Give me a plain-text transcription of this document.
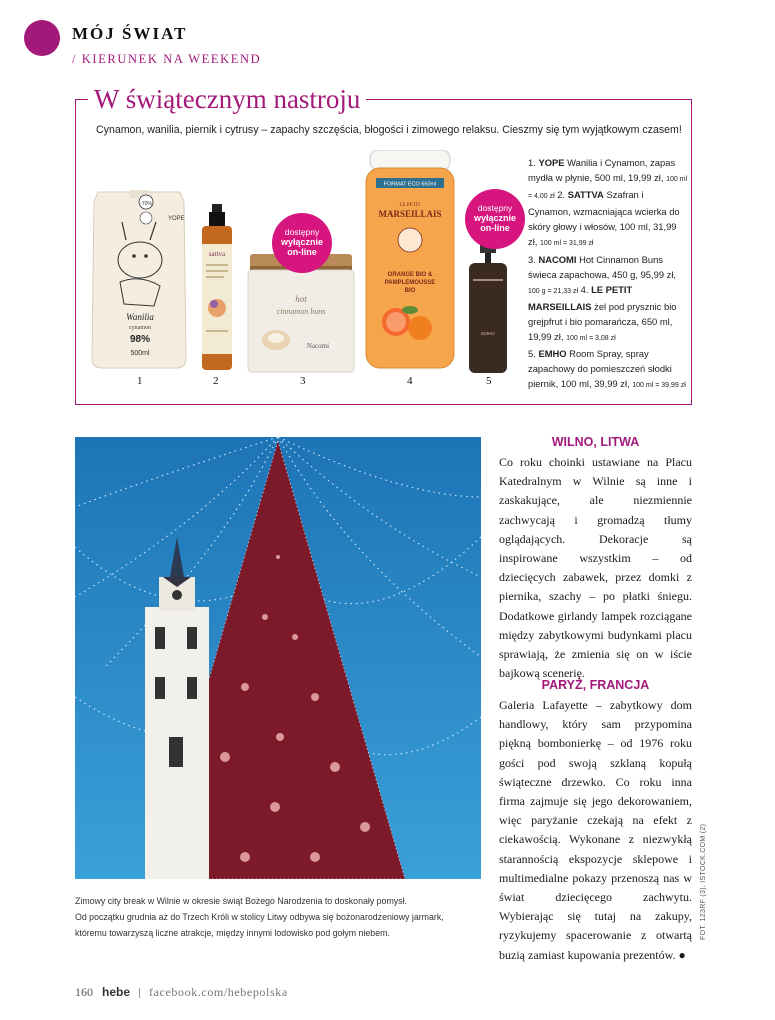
MÓJ ŚWIAT
/ KIERUNEK NA WEEKEND
W świątecznym nastroju
Cynamon, wanilia, piernik i cytrusy – zapachy szczęścia, błogości i zimowego relaksu. Cieszmy się tym wyjątkowym czasem!
-70%
YOPE
Wanilia
cynamon
98%
500ml
sattva
hot
cinnamon buns
Nacomi
FORMAT ECO 650ml
LE PETIT
MARSEILLAIS
ORANGE BIO &
PAMPLEMOUSSE
BIO
EMHO
dostępny
wyłącznie
on-line
dostępny
wyłącznie
on-line
1	2	3	4	5
1. YOPE Wanilia i Cynamon, zapas mydła w płynie, 500 ml, 19,99 zł, 100 ml = 4,00 zł 2. SATTVA Szafran i Cynamon, wzmacniająca wcierka do skóry głowy i włosów, 100 ml, 31,99 zł, 100 ml = 31,99 zł
3. NACOMI Hot Cinnamon Buns świeca zapachowa, 450 g, 95,99 zł, 100 g = 21,33 zł 4. LE PETIT MARSEILLAIS żel pod prysznic bio grejpfrut i bio pomarańcza, 650 ml, 19,99 zł, 100 ml = 3,08 zł
5. EMHO Room Spray, spray zapachowy do pomieszczeń słodki piernik, 100 ml, 39,99 zł, 100 ml = 39,99 zł
Zimowy city break w Wilnie w okresie świąt Bożego Narodzenia to doskonały pomysł.
Od początku grudnia aż do Trzech Króli w stolicy Litwy odbywa się bożonarodzeniowy jarmark,
któremu towarzyszą liczne atrakcje, między innymi lodowisko pod gołym niebem.
WILNO, LITWA
Co roku choinki ustawiane na Placu Katedralnym w Wilnie są inne i zaskakujące, ale niezmiennie zachwycają i gromadzą tłumy oglądających. Dekoracje są inspirowane wszystkim – od dziecięcych zabawek, przez domki z piernika, szachy – po płatki śniegu. Dodatkowe girlandy lampek rozciągane między zabytkowymi budynkami placu sprawiają, że zmienia się on w iście bajkową scenerię.
PARYŻ, FRANCJA
Galeria Lafayette – zabytkowy dom handlowy, który sam przypomina piękną bombonierkę – od 1976 roku gości pod swoją szklaną kopułą świąteczne drzewko. Co roku inna firma zajmuje się jego dekorowaniem, więc paryżanie czekają na efekt z ciekawością. Wykonane z niezwykłą starannością ekspozycje sklepowe i multimedialne pokazy przenoszą nas w świat dziecięcego zachwytu. Wybierając się tutaj na zakupy, ryzykujemy spacerowanie z otwartą buzią zamiast kupowania prezentów. ●
FOT. 123RF (3), ISTOCK.COM (2)
160 hebe facebook.com/hebepolska
